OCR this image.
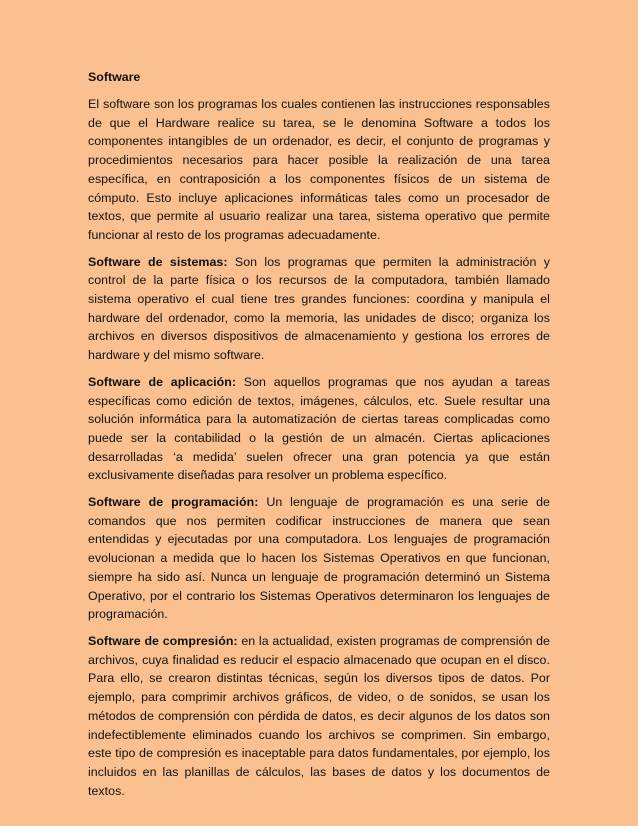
Software

El software son los programas los cuales contienen las instrucciones responsables de que el Hardware realice su tarea, se le denomina Software a todos los componentes intangibles de un ordenador, es decir, el conjunto de programas y procedimientos necesarios para hacer posible la realización de una tarea específica, en contraposición a los componentes físicos de un sistema de cómputo. Esto incluye aplicaciones informáticas tales como un procesador de textos, que permite al usuario realizar una tarea, sistema operativo que permite funcionar al resto de los programas adecuadamente.

Software de sistemas: Son los programas que permiten la administración y control de la parte física o los recursos de la computadora, también llamado sistema operativo el cual tiene tres grandes funciones: coordina y manipula el hardware del ordenador, como la memoria, las unidades de disco; organiza los archivos en diversos dispositivos de almacenamiento y gestiona los errores de hardware y del mismo software.

Software de aplicación: Son aquellos programas que nos ayudan a tareas específicas como edición de textos, imágenes, cálculos, etc. Suele resultar una solución informática para la automatización de ciertas tareas complicadas como puede ser la contabilidad o la gestión de un almacén. Ciertas aplicaciones desarrolladas ‘a medida’ suelen ofrecer una gran potencia ya que están exclusivamente diseñadas para resolver un problema específico.

Software de programación: Un lenguaje de programación es una serie de comandos que nos permiten codificar instrucciones de manera que sean entendidas y ejecutadas por una computadora. Los lenguajes de programación evolucionan a medida que lo hacen los Sistemas Operativos en que funcionan, siempre ha sido así. Nunca un lenguaje de programación determinó un Sistema Operativo, por el contrario los Sistemas Operativos determinaron los lenguajes de programación.

Software de compresión: en la actualidad, existen programas de comprensión de archivos, cuya finalidad es reducir el espacio almacenado que ocupan en el disco. Para ello, se crearon distintas técnicas, según los diversos tipos de datos. Por ejemplo, para comprimir archivos gráficos, de video, o de sonidos, se usan los métodos de comprensión con pérdida de datos, es decir algunos de los datos son indefectiblemente eliminados cuando los archivos se comprimen. Sin embargo, este tipo de compresión es inaceptable para datos fundamentales, por ejemplo, los incluidos en las planillas de cálculos, las bases de datos y los documentos de textos.
